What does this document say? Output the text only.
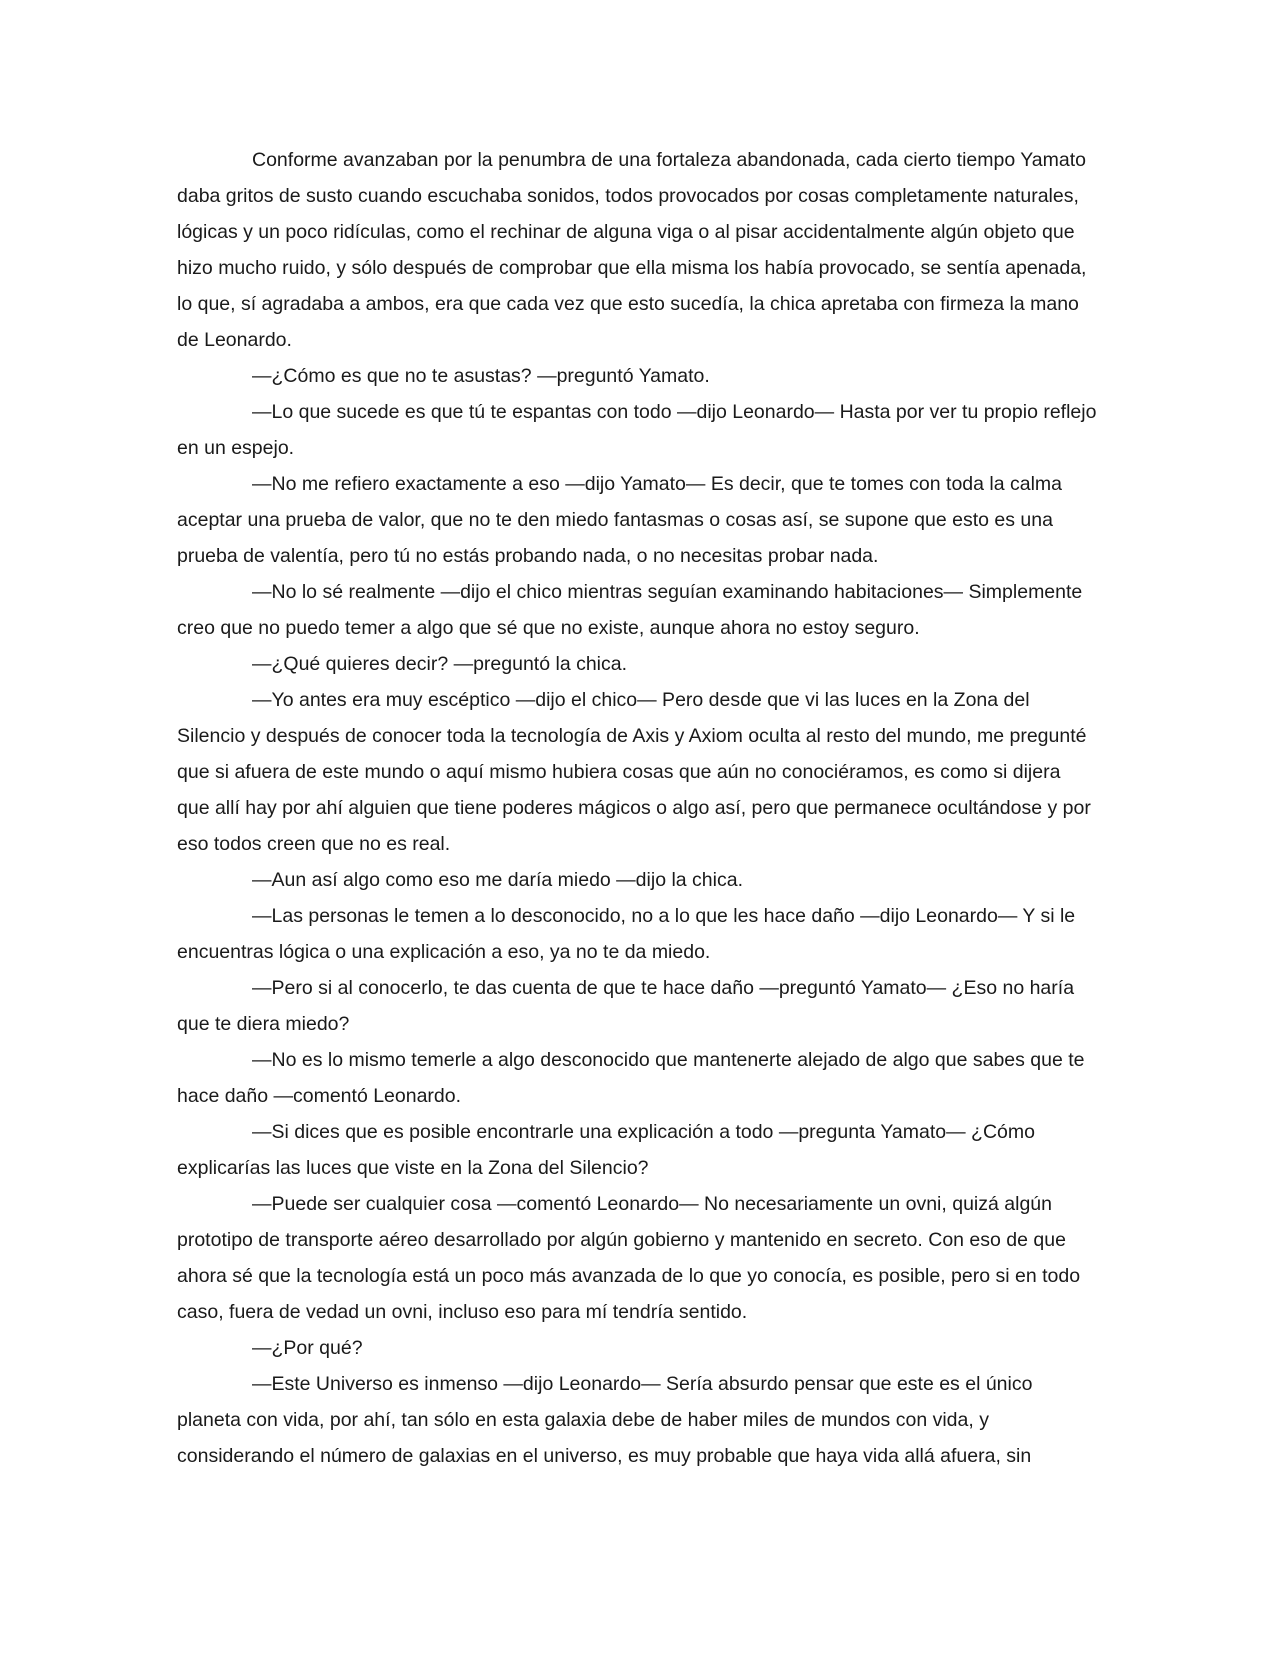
Conforme avanzaban por la penumbra de una fortaleza abandonada, cada cierto tiempo Yamato daba gritos de susto cuando escuchaba sonidos, todos provocados por cosas completamente naturales, lógicas y un poco ridículas, como el rechinar de alguna viga o al pisar accidentalmente algún objeto que hizo mucho ruido, y sólo después de comprobar que ella misma los había provocado, se sentía apenada, lo que, sí agradaba a ambos, era que cada vez que esto sucedía, la chica apretaba con firmeza la mano de Leonardo.

—¿Cómo es que no te asustas? —preguntó Yamato.

—Lo que sucede es que tú te espantas con todo —dijo Leonardo— Hasta por ver tu propio reflejo en un espejo.

—No me refiero exactamente a eso —dijo Yamato— Es decir, que te tomes con toda la calma aceptar una prueba de valor, que no te den miedo fantasmas o cosas así, se supone que esto es una prueba de valentía, pero tú no estás probando nada, o no necesitas probar nada.

—No lo sé realmente —dijo el chico mientras seguían examinando habitaciones— Simplemente creo que no puedo temer a algo que sé que no existe, aunque ahora no estoy seguro.

—¿Qué quieres decir? —preguntó la chica.

—Yo antes era muy escéptico —dijo el chico— Pero desde que vi las luces en la Zona del Silencio y después de conocer toda la tecnología de Axis y Axiom oculta al resto del mundo, me pregunté que si afuera de este mundo o aquí mismo hubiera cosas que aún no conociéramos, es como si dijera que allí hay por ahí alguien que tiene poderes mágicos o algo así, pero que permanece ocultándose y por eso todos creen que no es real.

—Aun así algo como eso me daría miedo —dijo la chica.

—Las personas le temen a lo desconocido, no a lo que les hace daño —dijo Leonardo— Y si le encuentras lógica o una explicación a eso, ya no te da miedo.

—Pero si al conocerlo, te das cuenta de que te hace daño —preguntó Yamato— ¿Eso no haría que te diera miedo?

—No es lo mismo temerle a algo desconocido que mantenerte alejado de algo que sabes que te hace daño —comentó Leonardo.

—Si dices que es posible encontrarle una explicación a todo —pregunta Yamato— ¿Cómo explicarías las luces que viste en la Zona del Silencio?

—Puede ser cualquier cosa —comentó Leonardo— No necesariamente un ovni, quizá algún prototipo de transporte aéreo desarrollado por algún gobierno y mantenido en secreto. Con eso de que ahora sé que la tecnología está un poco más avanzada de lo que yo conocía, es posible, pero si en todo caso, fuera de vedad un ovni, incluso eso para mí tendría sentido.

—¿Por qué?

—Este Universo es inmenso —dijo Leonardo— Sería absurdo pensar que este es el único planeta con vida, por ahí, tan sólo en esta galaxia debe de haber miles de mundos con vida, y considerando el número de galaxias en el universo, es muy probable que haya vida allá afuera, sin
